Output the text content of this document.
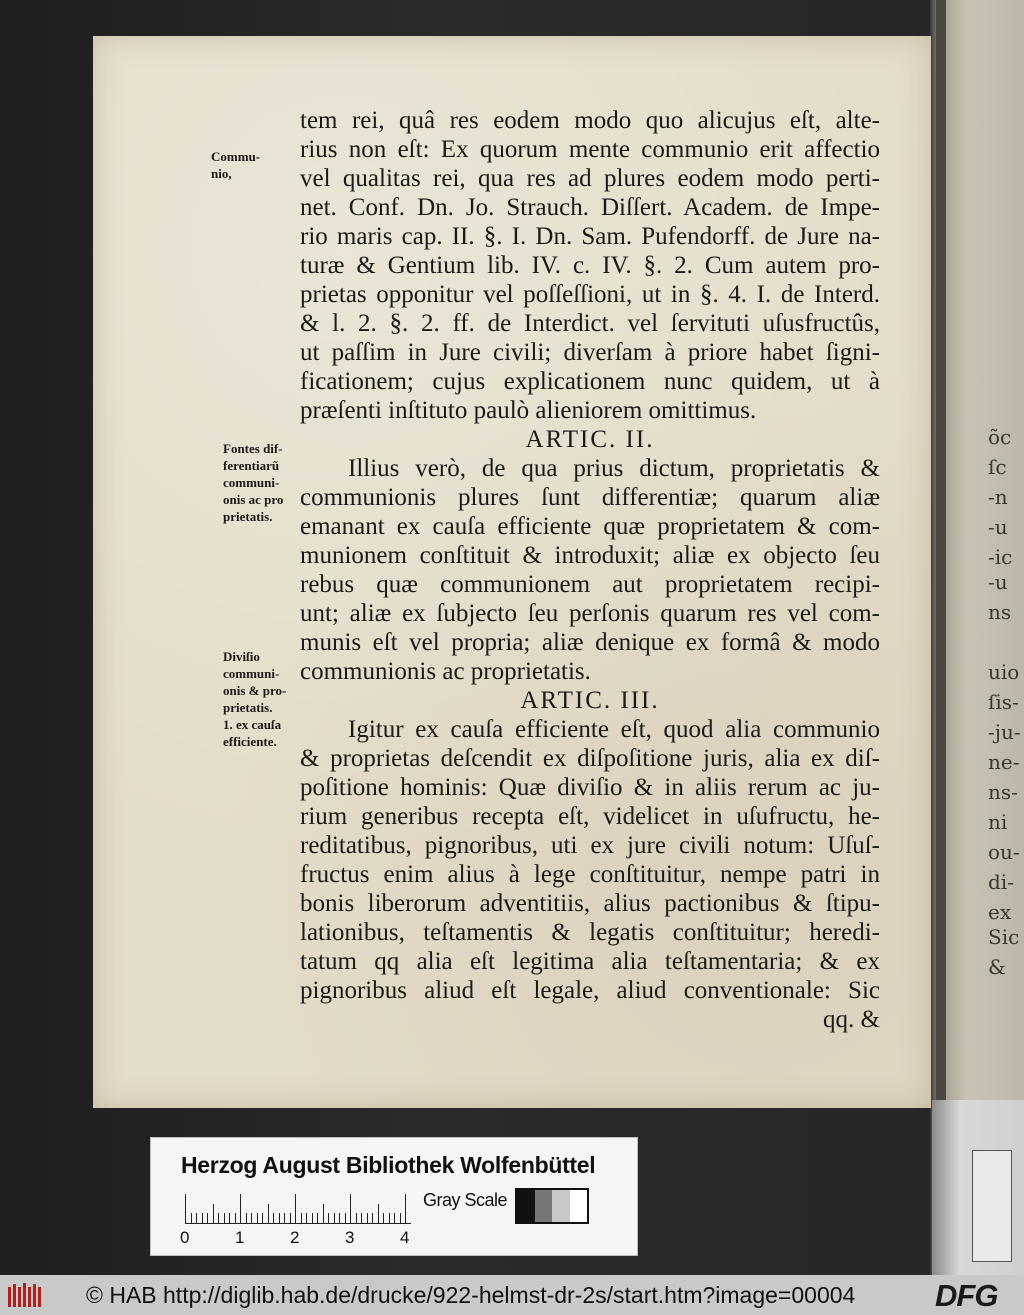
õc
ſc
-n
-u
-ic
-u
ns
uio
ſis-
-ju-
ne-
ns-
ni
ou-
di-
ex
Sic
&
Commu-
nio,
Fontes dif-
ferentiarũ
communi-
onis ac pro
prietatis.
Diviſio
communi-
onis & pro-
prietatis.
1. ex cauſa
efficiente.
tem rei, quâ res eodem modo quo alicujus eſt, alte-
rius non eſt: Ex quorum mente communio erit affectio
vel qualitas rei, qua res ad plures eodem modo perti-
net. Conf. Dn. Jo. Strauch. Diſſert. Academ. de Impe-
rio maris cap. II. §. I. Dn. Sam. Pufendorff. de Jure na-
turæ & Gentium lib. IV. c. IV. §. 2. Cum autem pro-
prietas opponitur vel poſſeſſioni, ut in §. 4. I. de Interd.
& l. 2. §. 2. ff. de Interdict. vel ſervituti uſusfructûs,
ut paſſim in Jure civili; diverſam à priore habet ſigni-
ficationem; cujus explicationem nunc quidem, ut à
præſenti inſtituto paulò alieniorem omittimus.
ARTIC. II.
Illius verò, de qua prius dictum, proprietatis &
communionis plures ſunt differentiæ; quarum aliæ
emanant ex cauſa efficiente quæ proprietatem & com-
munionem conſtituit & introduxit; aliæ ex objecto ſeu
rebus quæ communionem aut proprietatem recipi-
unt; aliæ ex ſubjecto ſeu perſonis quarum res vel com-
munis eſt vel propria; aliæ denique ex formâ & modo
communionis ac proprietatis.
ARTIC. III.
Igitur ex cauſa efficiente eſt, quod alia communio
& proprietas deſcendit ex diſpoſitione juris, alia ex diſ-
poſitione hominis: Quæ diviſio & in aliis rerum ac ju-
rium generibus recepta eſt, videlicet in uſufructu, he-
reditatibus, pignoribus, uti ex jure civili notum: Uſuſ-
fructus enim alius à lege conſtituitur, nempe patri in
bonis liberorum adventitiis, alius pactionibus & ſtipu-
lationibus, teſtamentis & legatis conſtituitur; heredi-
tatum qq alia eſt legitima alia teſtamentaria; & ex
pignoribus aliud eſt legale, aliud conventionale: Sic
qq. &
Herzog August Bibliothek Wolfenbüttel
Gray Scale
0	1	2	3	4
© HAB http://diglib.hab.de/drucke/922-helmst-dr-2s/start.htm?image=00004	DFG
